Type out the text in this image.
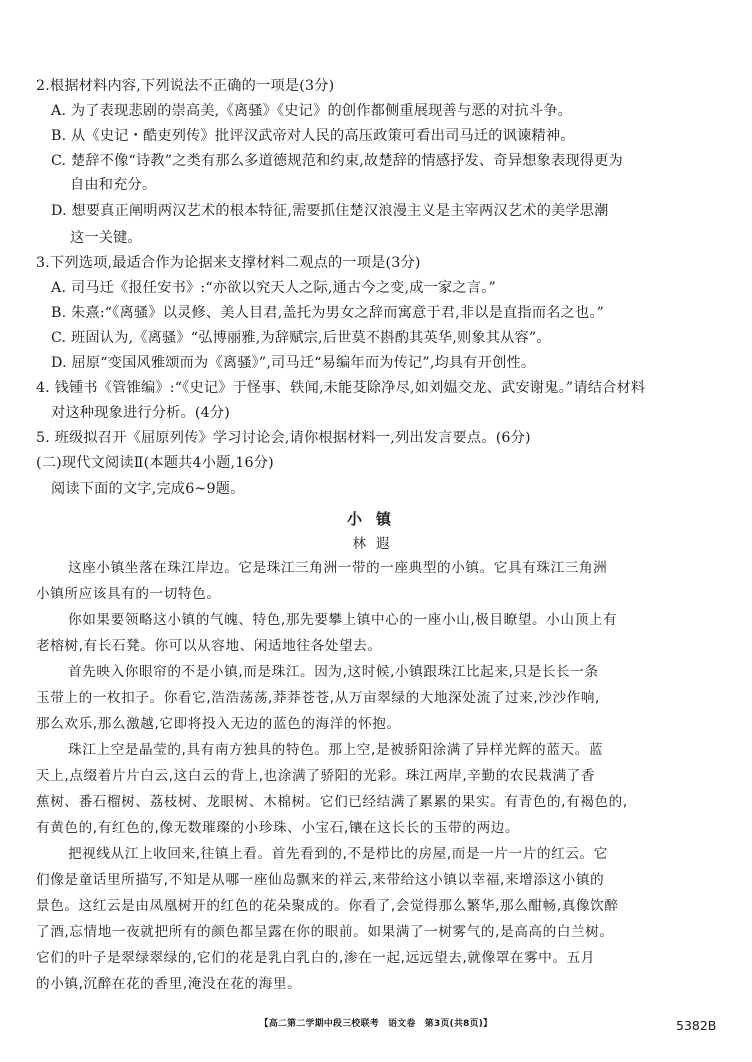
2.根据材料内容,下列说法不正确的一项是(3分)
A. 为了表现悲剧的崇高美,《离骚》《史记》的创作都侧重展现善与恶的对抗斗争。
B. 从《史记・酷吏列传》批评汉武帝对人民的高压政策可看出司马迁的讽谏精神。
C. 楚辞不像“诗教”之类有那么多道德规范和约束,故楚辞的情感抒发、奇异想象表现得更为
自由和充分。
D. 想要真正阐明两汉艺术的根本特征,需要抓住楚汉浪漫主义是主宰两汉艺术的美学思潮
这一关键。
3.下列选项,最适合作为论据来支撑材料二观点的一项是(3分)
A. 司马迁《报任安书》:“亦欲以究天人之际,通古今之变,成一家之言。”
B. 朱熹:“《离骚》以灵修、美人目君,盖托为男女之辞而寓意于君,非以是直指而名之也。”
C. 班固认为,《离骚》“弘博丽雅,为辞赋宗,后世莫不斟酌其英华,则象其从容”。
D. 屈原“变国风雅颂而为《离骚》”,司马迁“易编年而为传记”,均具有开创性。
4. 钱锺书《管锥编》:“《史记》于怪事、轶闻,未能芟除净尽,如刘媪交龙、武安谢鬼。”请结合材料
对这种现象进行分析。(4分)
5. 班级拟召开《屈原列传》学习讨论会,请你根据材料一,列出发言要点。(6分)
(二)现代文阅读Ⅱ(本题共4小题,16分)
阅读下面的文字,完成6~9题。
小镇
林遐
这座小镇坐落在珠江岸边。它是珠江三角洲一带的一座典型的小镇。它具有珠江三角洲
小镇所应该具有的一切特色。
你如果要领略这小镇的气魄、特色,那先要攀上镇中心的一座小山,极目瞭望。小山顶上有
老榕树,有长石凳。你可以从容地、闲适地往各处望去。
首先映入你眼帘的不是小镇,而是珠江。因为,这时候,小镇跟珠江比起来,只是长长一条
玉带上的一枚扣子。你看它,浩浩荡荡,莽莽苍苍,从万亩翠绿的大地深处流了过来,沙沙作响,
那么欢乐,那么激越,它即将投入无边的蓝色的海洋的怀抱。
珠江上空是晶莹的,具有南方独具的特色。那上空,是被骄阳涂满了异样光辉的蓝天。蓝
天上,点缀着片片白云,这白云的背上,也涂满了骄阳的光彩。珠江两岸,辛勤的农民栽满了香
蕉树、番石榴树、荔枝树、龙眼树、木棉树。它们已经结满了累累的果实。有青色的,有褐色的,
有黄色的,有红色的,像无数璀璨的小珍珠、小宝石,镶在这长长的玉带的两边。
把视线从江上收回来,往镇上看。首先看到的,不是栉比的房屋,而是一片一片的红云。它
们像是童话里所描写,不知是从哪一座仙岛飘来的祥云,来带给这小镇以幸福,来增添这小镇的
景色。这红云是由凤凰树开的红色的花朵聚成的。你看了,会觉得那么繁华,那么酣畅,真像饮醉
了酒,忘情地一夜就把所有的颜色都呈露在你的眼前。如果满了一树雾气的,是高高的白兰树。
它们的叶子是翠绿翠绿的,它们的花是乳白乳白的,渗在一起,远远望去,就像罩在雾中。五月
的小镇,沉醉在花的香里,淹没在花的海里。
【高二第二学期中段三校联考　语文卷　第3页(共8页)】	5382B
